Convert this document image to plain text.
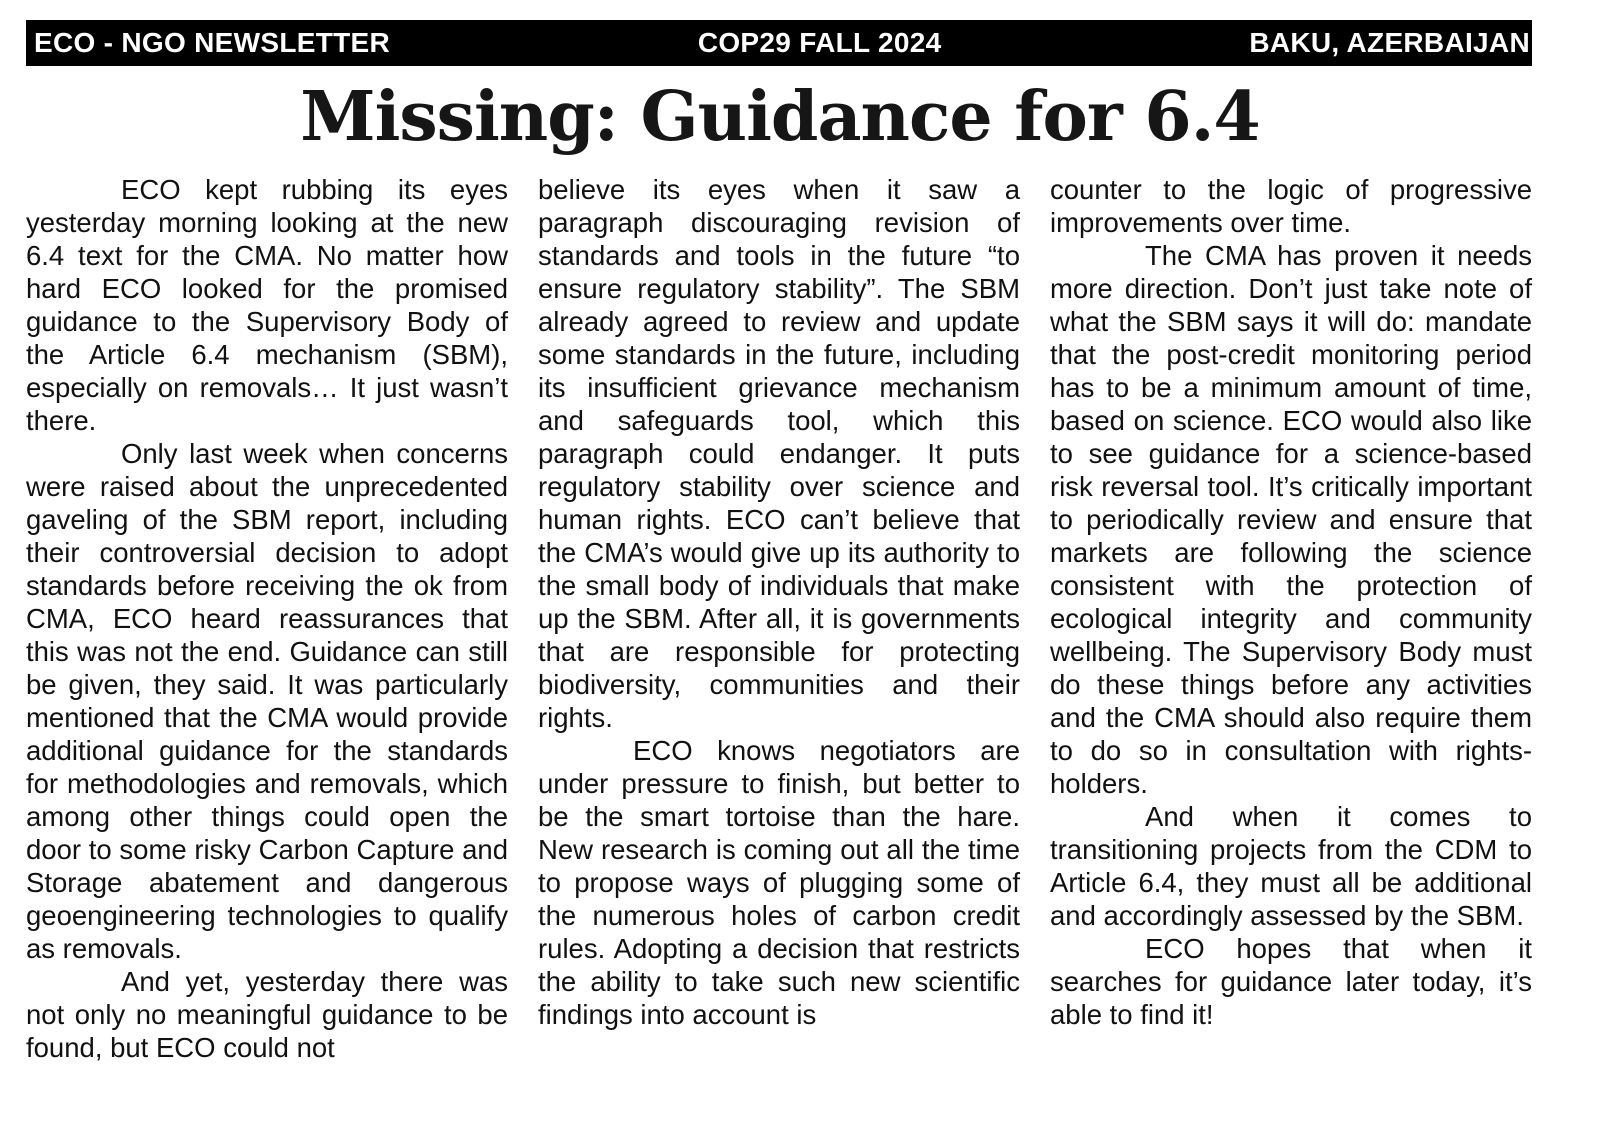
ECO - NGO NEWSLETTER	COP29 FALL 2024	BAKU, AZERBAIJAN
Missing: Guidance for 6.4

ECO kept rubbing its eyes yesterday morning looking at the new 6.4 text for the CMA. No matter how hard ECO looked for the promised guidance to the Supervisory Body of the Article 6.4 mechanism (SBM), especially on removals… It just wasn’t there.

Only last week when concerns were raised about the unprecedented gaveling of the SBM report, including their controversial decision to adopt standards before receiving the ok from CMA, ECO heard reassurances that this was not the end. Guidance can still be given, they said. It was particularly mentioned that the CMA would provide additional guidance for the standards for methodologies and removals, which among other things could open the door to some risky Carbon Capture and Storage abatement and dangerous geoengineering technologies to qualify as removals.

And yet, yesterday there was not only no meaningful guidance to be found, but ECO could not

believe its eyes when it saw a paragraph discouraging revision of standards and tools in the future “to ensure regulatory stability”. The SBM already agreed to review and update some standards in the future, including its insufficient grievance mechanism and safeguards tool, which this paragraph could endanger. It puts regulatory stability over science and human rights. ECO can’t believe that the CMA’s would give up its authority to the small body of individuals that make up the SBM. After all, it is governments that are responsible for protecting biodiversity, communities and their rights.

ECO knows negotiators are under pressure to finish, but better to be the smart tortoise than the hare. New research is coming out all the time to propose ways of plugging some of the numerous holes of carbon credit rules. Adopting a decision that restricts the ability to take such new scientific findings into account is

counter to the logic of progressive improvements over time.

The CMA has proven it needs more direction. Don’t just take note of what the SBM says it will do: mandate that the post-credit monitoring period has to be a minimum amount of time, based on science. ECO would also like to see guidance for a science-based risk reversal tool. It’s critically important to periodically review and ensure that markets are following the science consistent with the protection of ecological integrity and community wellbeing. The Supervisory Body must do these things before any activities and the CMA should also require them to do so in consultation with rights-holders.

And when it comes to transitioning projects from the CDM to Article 6.4, they must all be additional and accordingly assessed by the SBM.

ECO hopes that when it searches for guidance later today, it’s able to find it!
